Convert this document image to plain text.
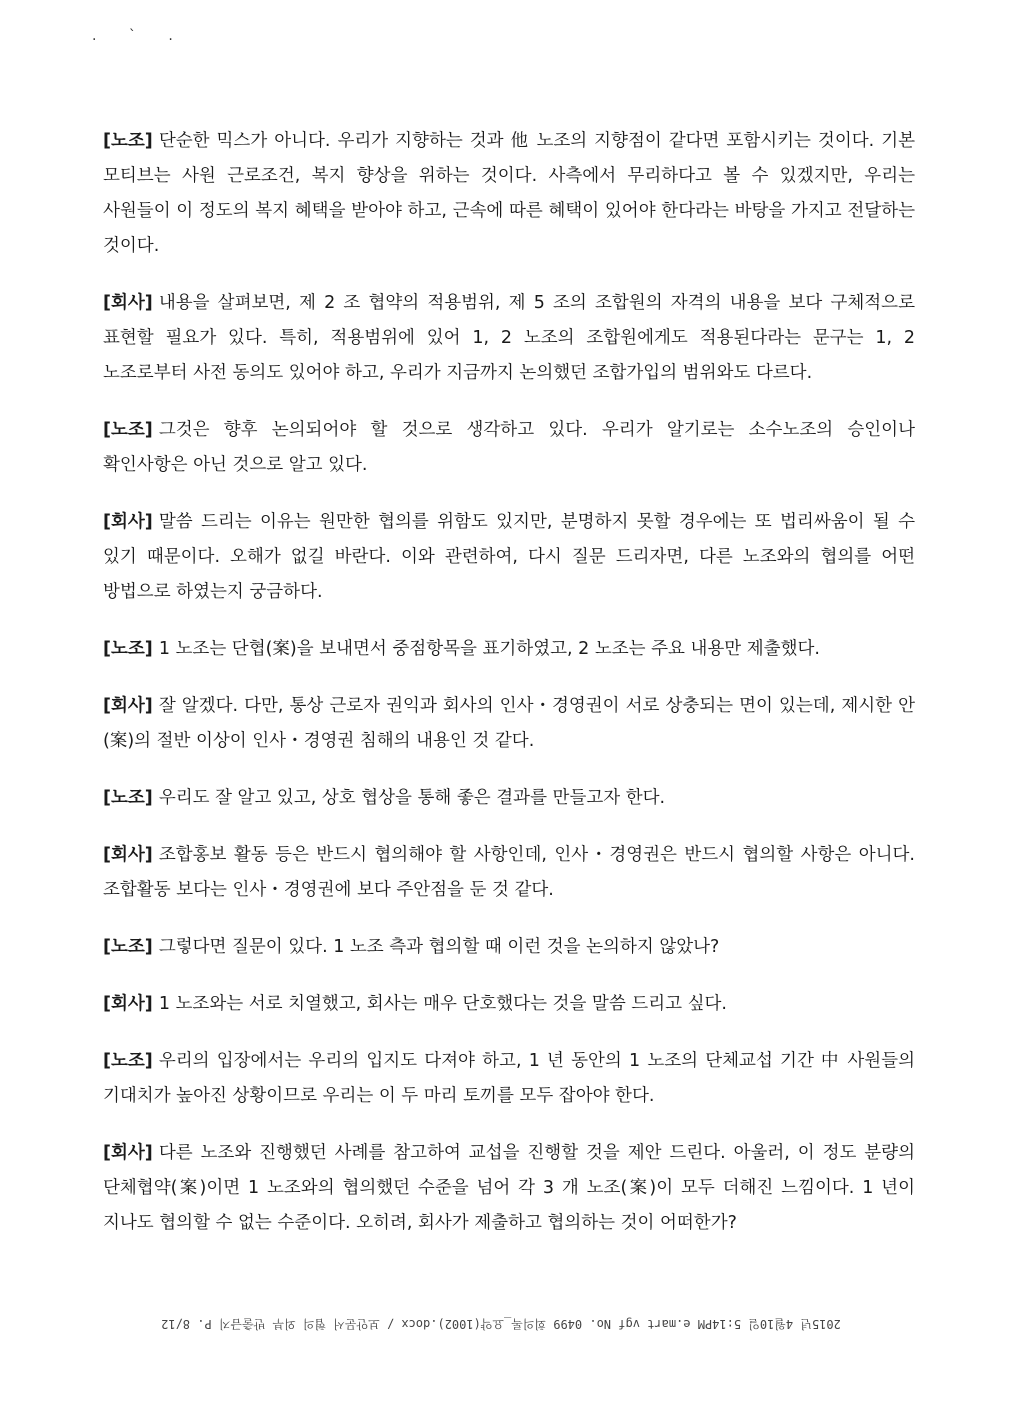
. ` .

[노조] 단순한 믹스가 아니다. 우리가 지향하는 것과 他 노조의 지향점이 같다면 포함시키는 것이다. 기본 모티브는 사원 근로조건, 복지 향상을 위하는 것이다. 사측에서 무리하다고 볼 수 있겠지만, 우리는 사원들이 이 정도의 복지 혜택을 받아야 하고, 근속에 따른 혜택이 있어야 한다라는 바탕을 가지고 전달하는 것이다.

[회사] 내용을 살펴보면, 제 2 조 협약의 적용범위, 제 5 조의 조합원의 자격의 내용을 보다 구체적으로 표현할 필요가 있다. 특히, 적용범위에 있어 1, 2 노조의 조합원에게도 적용된다라는 문구는 1, 2 노조로부터 사전 동의도 있어야 하고, 우리가 지금까지 논의했던 조합가입의 범위와도 다르다.

[노조] 그것은 향후 논의되어야 할 것으로 생각하고 있다. 우리가 알기로는 소수노조의 승인이나 확인사항은 아닌 것으로 알고 있다.

[회사] 말씀 드리는 이유는 원만한 협의를 위함도 있지만, 분명하지 못할 경우에는 또 법리싸움이 될 수 있기 때문이다. 오해가 없길 바란다. 이와 관련하여, 다시 질문 드리자면, 다른 노조와의 협의를 어떤 방법으로 하였는지 궁금하다.

[노조] 1 노조는 단협(案)을 보내면서 중점항목을 표기하였고, 2 노조는 주요 내용만 제출했다.

[회사] 잘 알겠다. 다만, 통상 근로자 권익과 회사의 인사・경영권이 서로 상충되는 면이 있는데, 제시한 안(案)의 절반 이상이 인사・경영권 침해의 내용인 것 같다.

[노조] 우리도 잘 알고 있고, 상호 협상을 통해 좋은 결과를 만들고자 한다.

[회사] 조합홍보 활동 등은 반드시 협의해야 할 사항인데, 인사・경영권은 반드시 협의할 사항은 아니다. 조합활동 보다는 인사・경영권에 보다 주안점을 둔 것 같다.

[노조] 그렇다면 질문이 있다. 1 노조 측과 협의할 때 이런 것을 논의하지 않았나?

[회사] 1 노조와는 서로 치열했고, 회사는 매우 단호했다는 것을 말씀 드리고 싶다.

[노조] 우리의 입장에서는 우리의 입지도 다져야 하고, 1 년 동안의 1 노조의 단체교섭 기간 中 사원들의 기대치가 높아진 상황이므로 우리는 이 두 마리 토끼를 모두 잡아야 한다.

[회사] 다른 노조와 진행했던 사례를 참고하여 교섭을 진행할 것을 제안 드린다. 아울러, 이 정도 분량의 단체협약(案)이면 1 노조와의 협의했던 수준을 넘어 각 3 개 노조(案)이 모두 더해진 느낌이다. 1 년이 지나도 협의할 수 없는 수준이다. 오히려, 회사가 제출하고 협의하는 것이 어떠한가?

2015년 4월10일 5:14PM e.mart vgf No. 0499 회의록_요약(1002).docx / 보안문서 협의 외부 반출금지 P. 8/12
